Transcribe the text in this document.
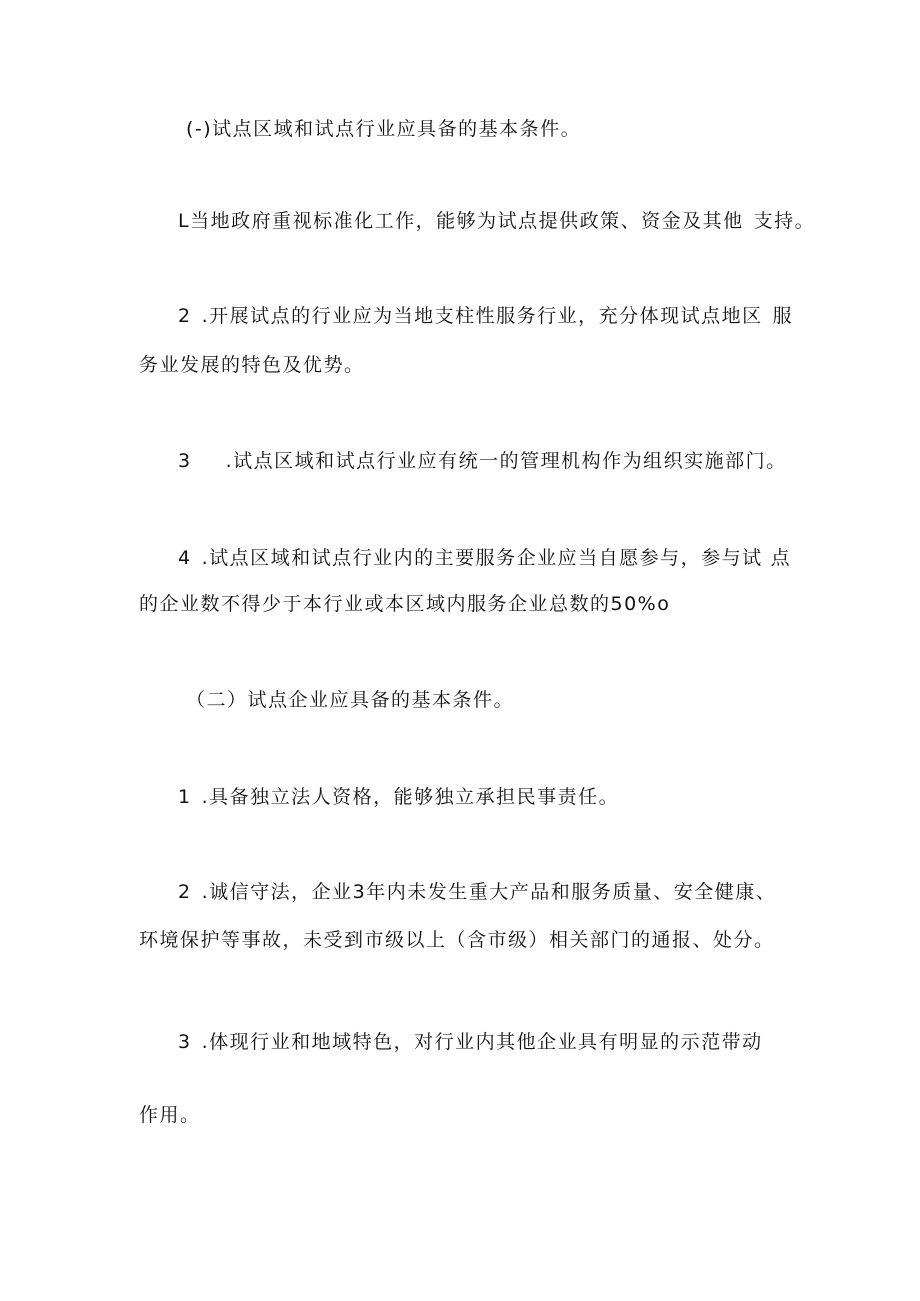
(-)试点区域和试点行业应具备的基本条件。
L当地政府重视标准化工作，能够为试点提供政策、资金及其他 支持。
2 .开展试点的行业应为当地支柱性服务行业，充分体现试点地区 服
务业发展的特色及优势。
3 .试点区域和试点行业应有统一的管理机构作为组织实施部门。
4 .试点区域和试点行业内的主要服务企业应当自愿参与，参与试 点
的企业数不得少于本行业或本区域内服务企业总数的50%o
（二）试点企业应具备的基本条件。
1 .具备独立法人资格，能够独立承担民事责任。
2 .诚信守法，企业3年内未发生重大产品和服务质量、安全健康、
环境保护等事故，未受到市级以上（含市级）相关部门的通报、处分。
3 .体现行业和地域特色，对行业内其他企业具有明显的示范带动
作用。
